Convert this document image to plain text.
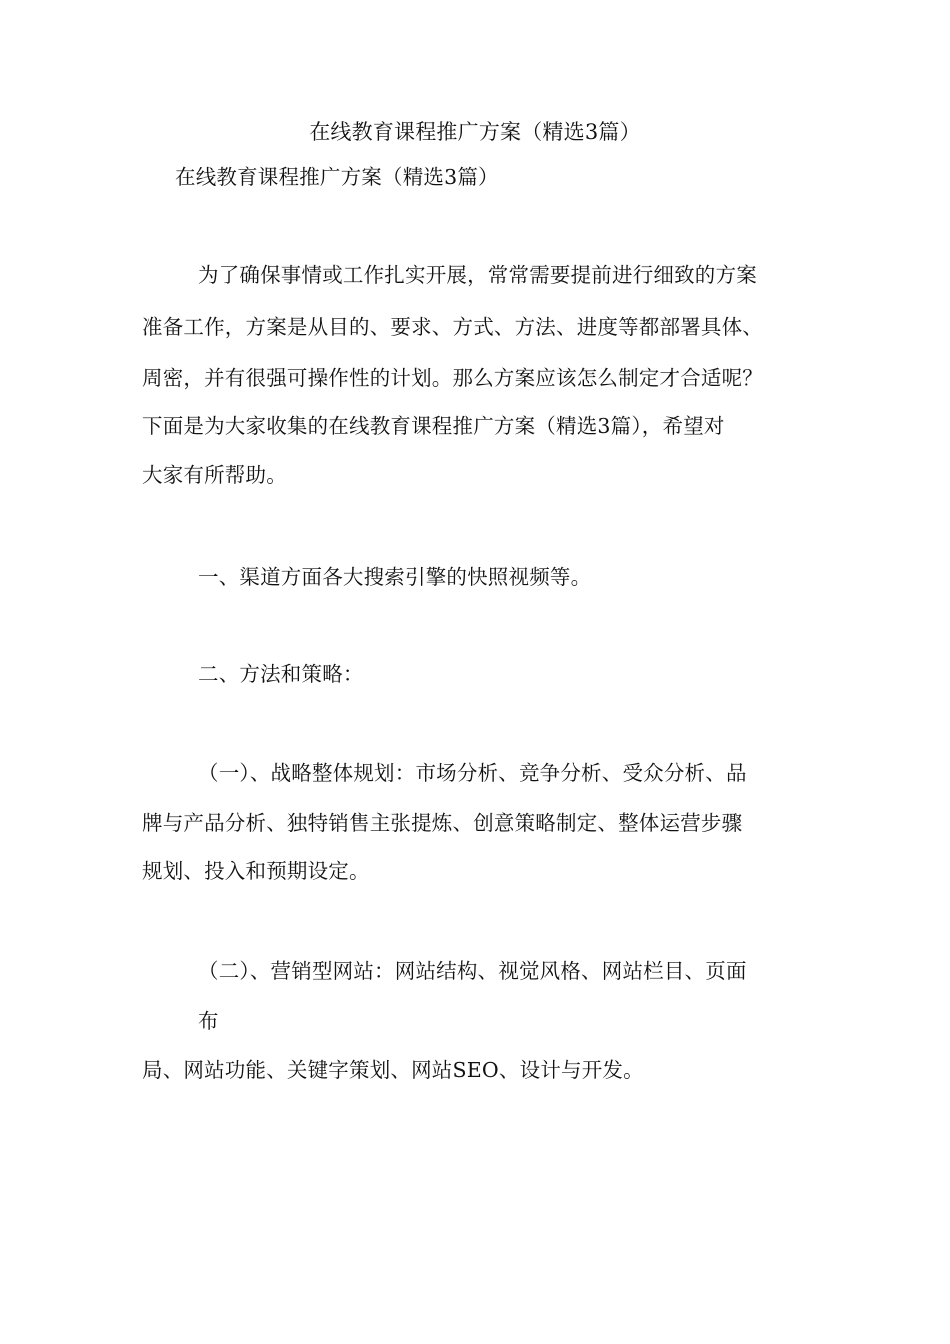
在线教育课程推广方案（精选3篇）
在线教育课程推广方案（精选3篇）
为了确保事情或工作扎实开展，常常需要提前进行细致的方案
准备工作，方案是从目的、要求、方式、方法、进度等都部署具体、
周密，并有很强可操作性的计划。那么方案应该怎么制定才合适呢？
下面是为大家收集的在线教育课程推广方案（精选3篇），希望对
大家有所帮助。
一、渠道方面各大搜索引擎的快照视频等。
二、方法和策略：
（一）、战略整体规划：市场分析、竞争分析、受众分析、品
牌与产品分析、独特销售主张提炼、创意策略制定、整体运营步骤
规划、投入和预期设定。
（二）、营销型网站：网站结构、视觉风格、网站栏目、页面
布
局、网站功能、关键字策划、网站SEO、设计与开发。
